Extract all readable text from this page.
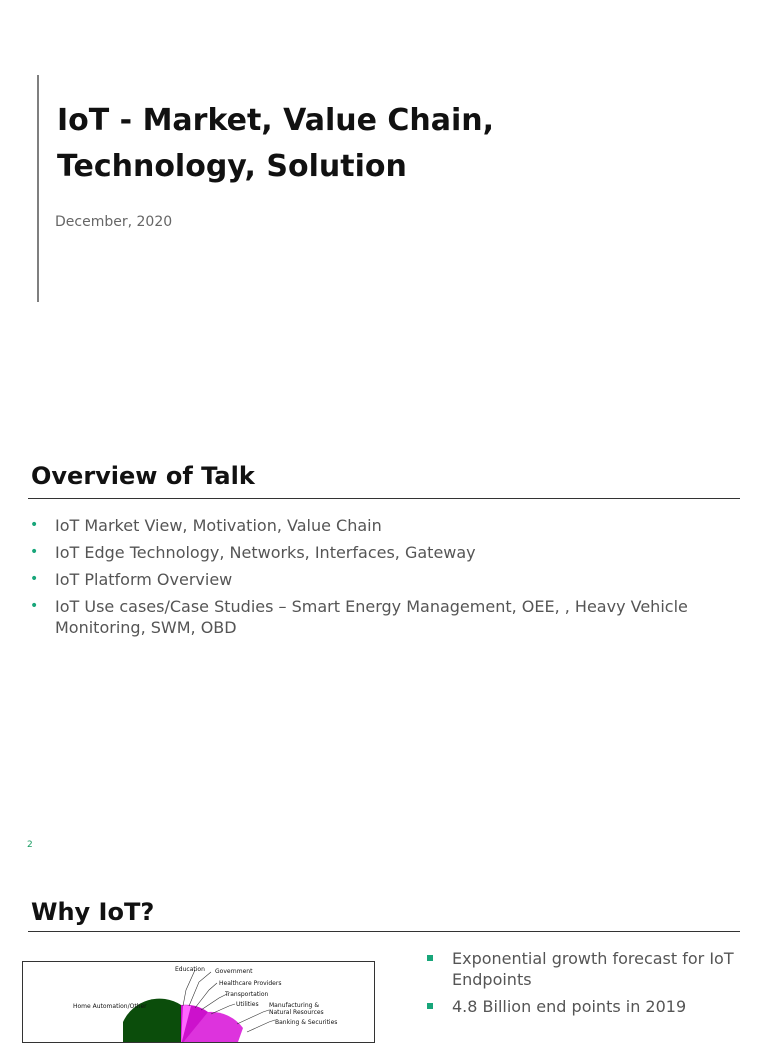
IoT - Market, Value Chain,
Technology, Solution
December, 2020
Overview of Talk
• IoT Market View, Motivation, Value Chain
• IoT Edge Technology, Networks, Interfaces, Gateway
• IoT Platform Overview
• IoT Use cases/Case Studies – Smart Energy Management, OEE, , Heavy Vehicle Monitoring, SWM, OBD
2
Why IoT?
Education Government
Healthcare Providers
Transportation
Utilities Manufacturing &
Natural Resources
Banking & Securities
Home Automation/Other
Exponential growth forecast for IoT Endpoints
4.8 Billion end points in 2019
